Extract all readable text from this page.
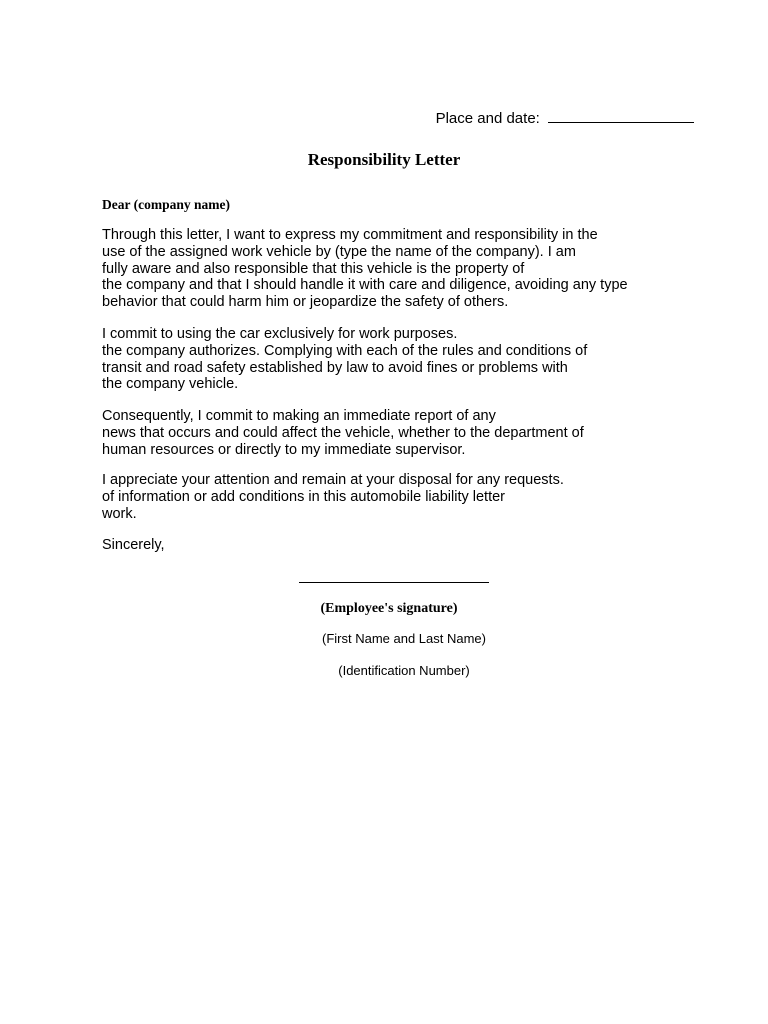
Place and date:
Responsibility Letter
Dear (company name)
Through this letter, I want to express my commitment and responsibility in the
use of the assigned work vehicle by (type the name of the company). I am
fully aware and also responsible that this vehicle is the property of
the company and that I should handle it with care and diligence, avoiding any type
behavior that could harm him or jeopardize the safety of others.
I commit to using the car exclusively for work purposes.
the company authorizes. Complying with each of the rules and conditions of
transit and road safety established by law to avoid fines or problems with
the company vehicle.
Consequently, I commit to making an immediate report of any
news that occurs and could affect the vehicle, whether to the department of
human resources or directly to my immediate supervisor.
I appreciate your attention and remain at your disposal for any requests.
of information or add conditions in this automobile liability letter
work.
Sincerely,
(Employee's signature)
(First Name and Last Name)
(Identification Number)
